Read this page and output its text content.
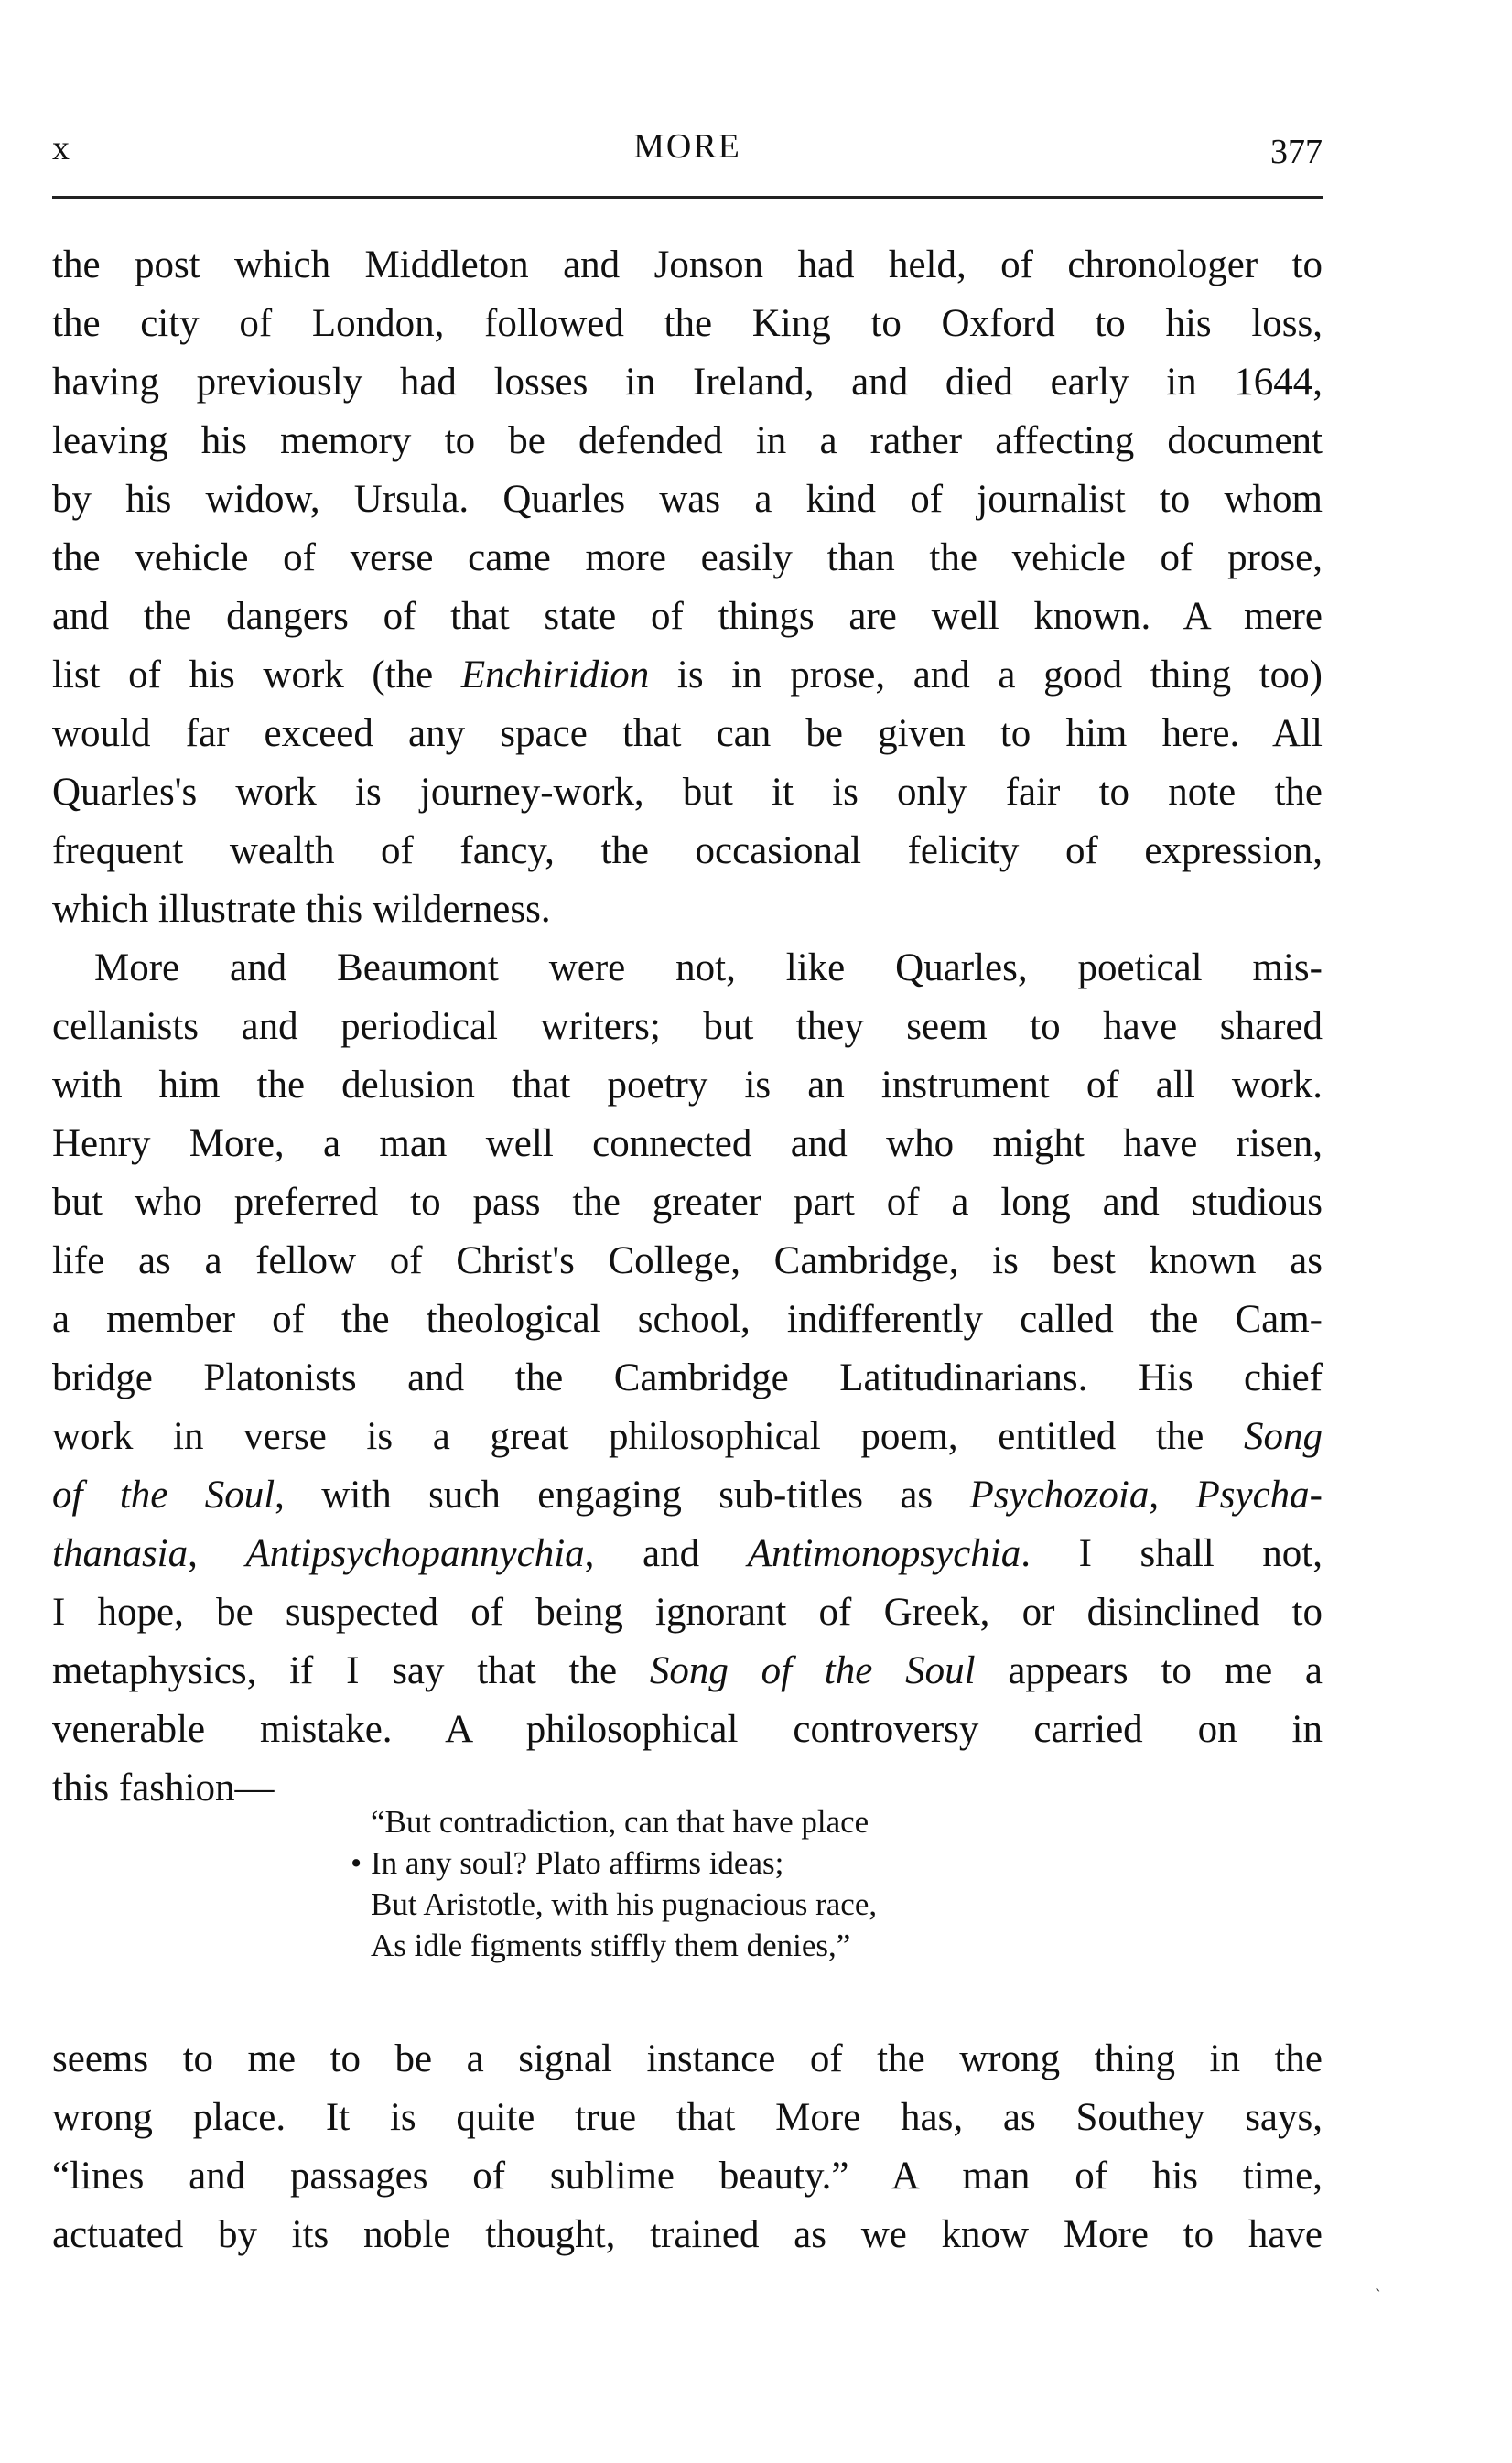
x	MORE	377
the post which Middleton and Jonson had held, of chronologer to
the city of London, followed the King to Oxford to his loss,
having previously had losses in Ireland, and died early in 1644,
leaving his memory to be defended in a rather affecting document
by his widow, Ursula. Quarles was a kind of journalist to whom
the vehicle of verse came more easily than the vehicle of prose,
and the dangers of that state of things are well known. A mere
list of his work (the Enchiridion is in prose, and a good thing too)
would far exceed any space that can be given to him here. All
Quarles's work is journey-work, but it is only fair to note the
frequent wealth of fancy, the occasional felicity of expression,
which illustrate this wilderness.
More and Beaumont were not, like Quarles, poetical mis-
cellanists and periodical writers; but they seem to have shared
with him the delusion that poetry is an instrument of all work.
Henry More, a man well connected and who might have risen,
but who preferred to pass the greater part of a long and studious
life as a fellow of Christ's College, Cambridge, is best known as
a member of the theological school, indifferently called the Cam-
bridge Platonists and the Cambridge Latitudinarians. His chief
work in verse is a great philosophical poem, entitled the Song
of the Soul, with such engaging sub-titles as Psychozoia, Psycha-
thanasia, Antipsychopannychia, and Antimonopsychia. I shall not,
I hope, be suspected of being ignorant of Greek, or disinclined to
metaphysics, if I say that the Song of the Soul appears to me a
venerable mistake. A philosophical controversy carried on in
this fashion—
“But contradiction, can that have place
• In any soul? Plato affirms ideas;
But Aristotle, with his pugnacious race,
As idle figments stiffly them denies,”
seems to me to be a signal instance of the wrong thing in the
wrong place. It is quite true that More has, as Southey says,
“lines and passages of sublime beauty.” A man of his time,
actuated by its noble thought, trained as we know More to have
ˎ
